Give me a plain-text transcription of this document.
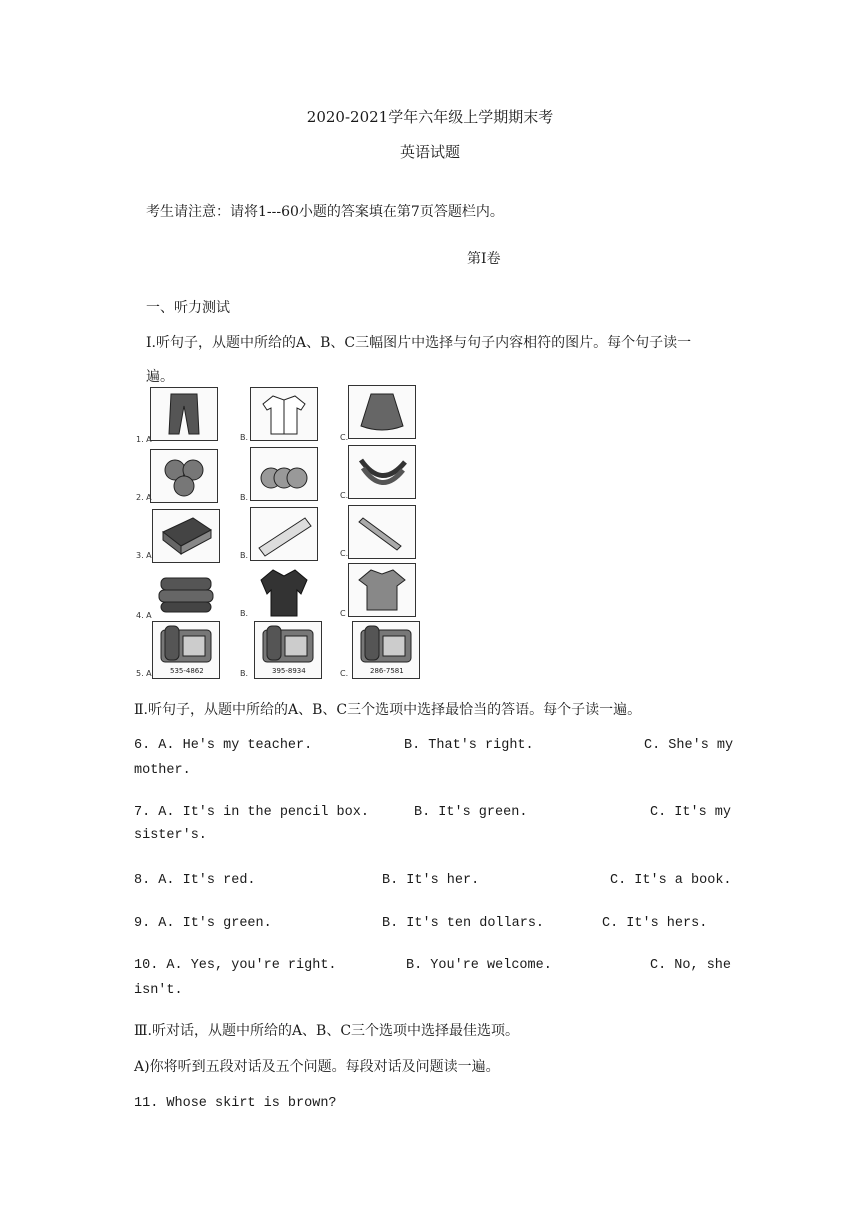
2020-2021学年六年级上学期期末考
英语试题
考生请注意：请将1---60小题的答案填在第7页答题栏内。
第Ⅰ卷
一、听力测试
I.听句子，从题中所给的A、B、C三幅图片中选择与句子内容相符的图片。每个句子读一
遍。
1. A	B.	C.
2. A	B.	C.
3. A	B.	C.
4. A	B.	C
535-4862	395-8934	286-7581
5. A	B.	C.
Ⅱ.听句子，从题中所给的A、B、C三个选项中选择最恰当的答语。每个子读一遍。
6. A. He's my teacher.	B. That's right.	C. She's my
mother.
7. A. It's in the pencil box.	B. It's green.	C. It's my
sister's.
8. A. It's red.	B. It's her.	C. It's a book.
9. A. It's green.	B. It's ten dollars.	C. It's hers.
10. A. Yes, you're right.	B. You're welcome.	C. No, she
isn't.
Ⅲ.听对话，从题中所给的A、B、C三个选项中选择最佳选项。
A)你将听到五段对话及五个问题。每段对话及问题读一遍。
11. Whose skirt is brown?
